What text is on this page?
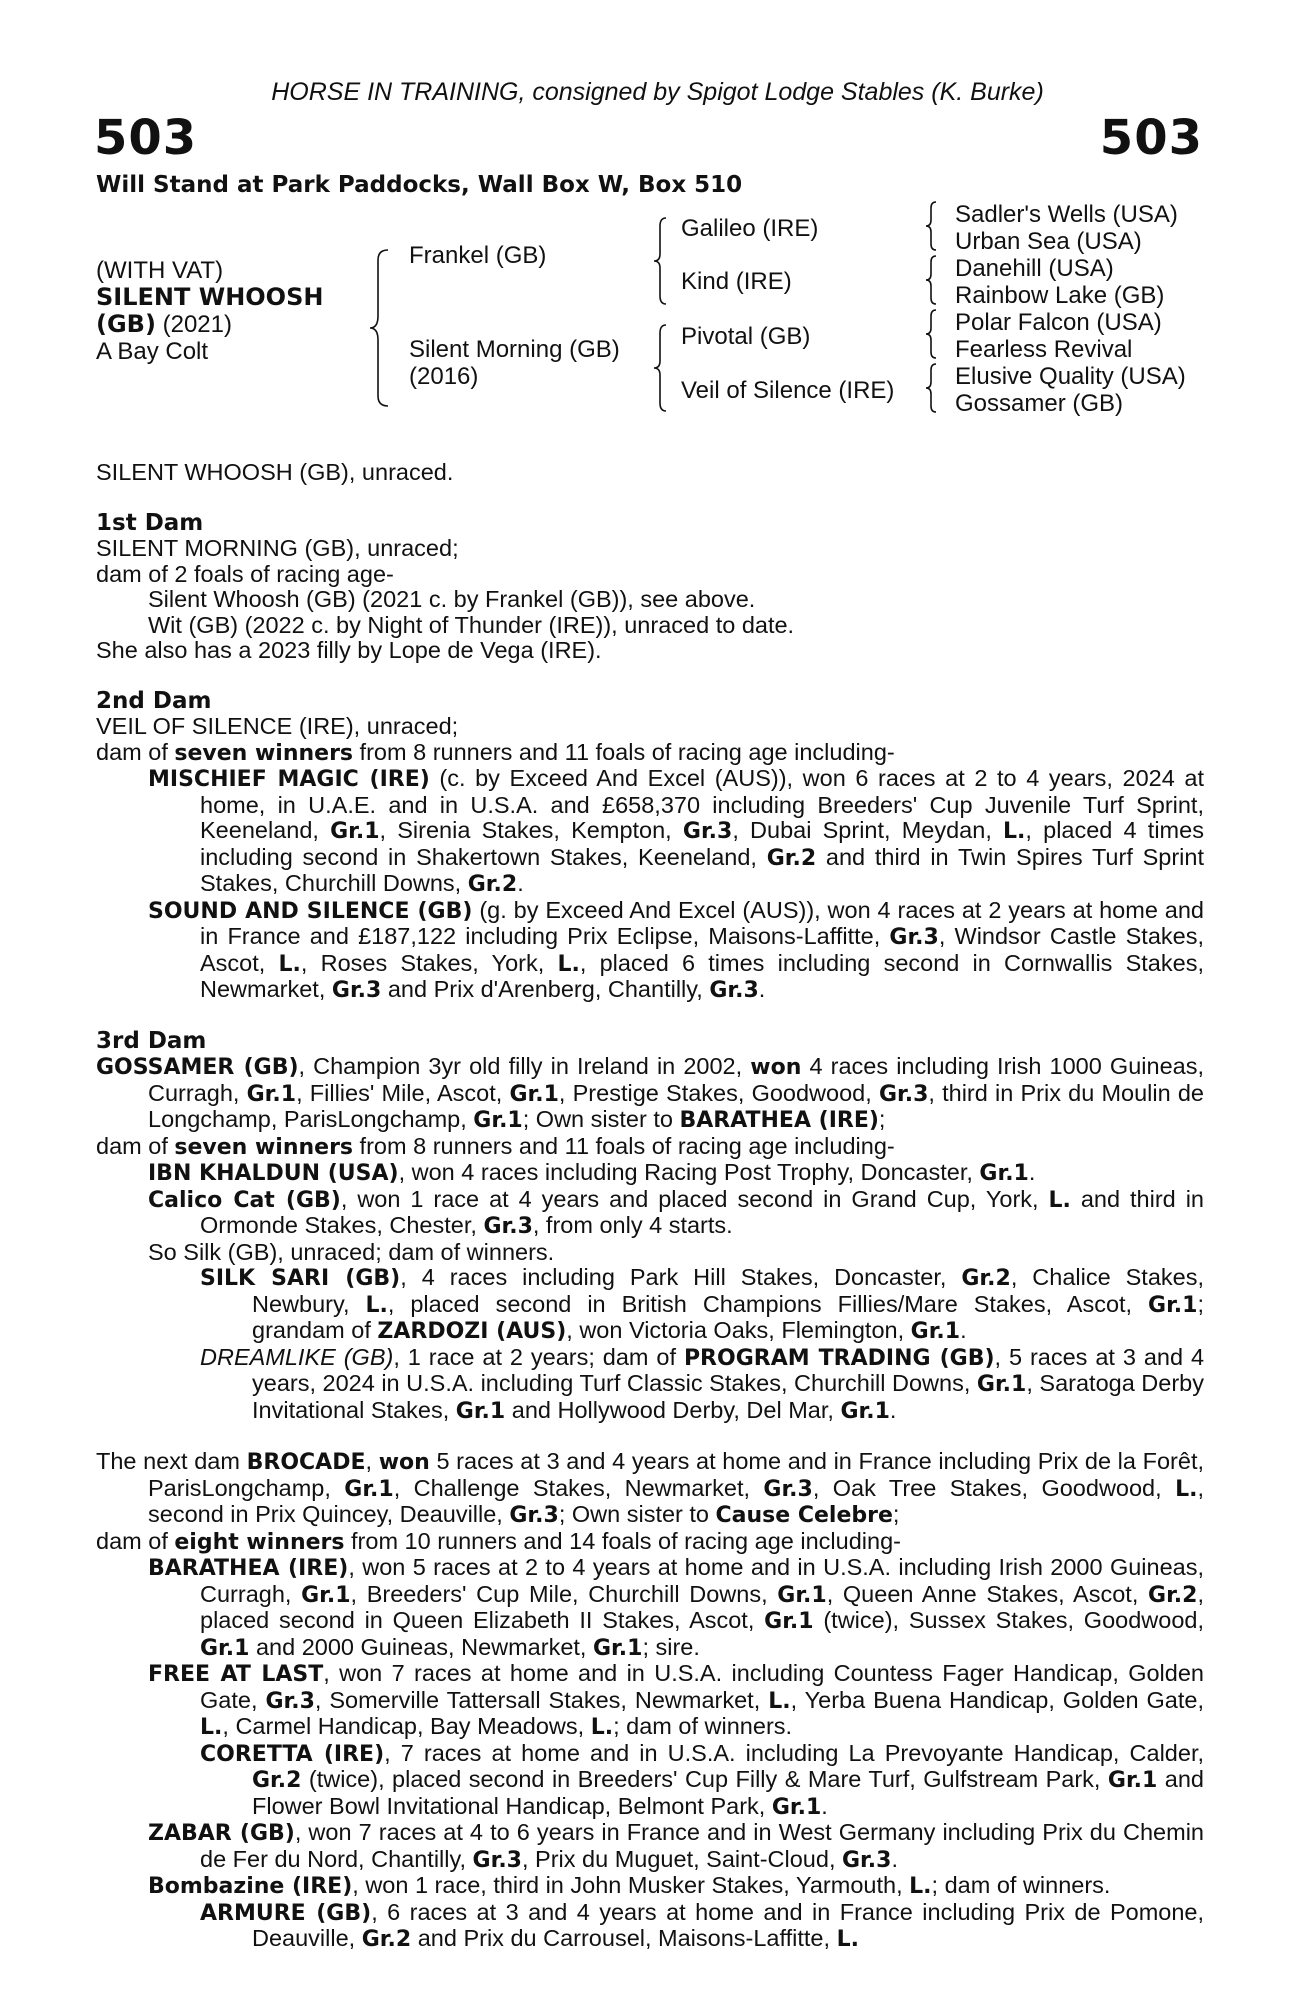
HORSE IN TRAINING, consigned by Spigot Lodge Stables (K. Burke)
503	503
Will Stand at Park Paddocks, Wall Box W, Box 510
(WITH VAT)
SILENT WHOOSH
(GB) (2021)
A Bay Colt
Frankel (GB)
Silent Morning (GB)
(2016)
Galileo (IRE)
Kind (IRE)
Pivotal (GB)
Veil of Silence (IRE)
Sadler's Wells (USA)
Urban Sea (USA)
Danehill (USA)
Rainbow Lake (GB)
Polar Falcon (USA)
Fearless Revival
Elusive Quality (USA)
Gossamer (GB)

SILENT WHOOSH (GB), unraced.

1st Dam

SILENT MORNING (GB), unraced;

dam of 2 foals of racing age-

Silent Whoosh (GB) (2021 c. by Frankel (GB)), see above.

Wit (GB) (2022 c. by Night of Thunder (IRE)), unraced to date.

She also has a 2023 filly by Lope de Vega (IRE).

2nd Dam

VEIL OF SILENCE (IRE), unraced;

dam of seven winners from 8 runners and 11 foals of racing age including-

MISCHIEF MAGIC (IRE) (c. by Exceed And Excel (AUS)), won 6 races at 2 to 4 years, 2024 at home, in U.A.E. and in U.S.A. and £658,370 including Breeders' Cup Juvenile Turf Sprint, Keeneland, Gr.1, Sirenia Stakes, Kempton, Gr.3, Dubai Sprint, Meydan, L., placed 4 times including second in Shakertown Stakes, Keeneland, Gr.2 and third in Twin Spires Turf Sprint Stakes, Churchill Downs, Gr.2.

SOUND AND SILENCE (GB) (g. by Exceed And Excel (AUS)), won 4 races at 2 years at home and in France and £187,122 including Prix Eclipse, Maisons-Laffitte, Gr.3, Windsor Castle Stakes, Ascot, L., Roses Stakes, York, L., placed 6 times including second in Cornwallis Stakes, Newmarket, Gr.3 and Prix d'Arenberg, Chantilly, Gr.3.

3rd Dam

GOSSAMER (GB), Champion 3yr old filly in Ireland in 2002, won 4 races including Irish 1000 Guineas, Curragh, Gr.1, Fillies' Mile, Ascot, Gr.1, Prestige Stakes, Goodwood, Gr.3, third in Prix du Moulin de Longchamp, ParisLongchamp, Gr.1; Own sister to BARATHEA (IRE);

dam of seven winners from 8 runners and 11 foals of racing age including-

IBN KHALDUN (USA), won 4 races including Racing Post Trophy, Doncaster, Gr.1.

Calico Cat (GB), won 1 race at 4 years and placed second in Grand Cup, York, L. and third in Ormonde Stakes, Chester, Gr.3, from only 4 starts.

So Silk (GB), unraced; dam of winners.

SILK SARI (GB), 4 races including Park Hill Stakes, Doncaster, Gr.2, Chalice Stakes, Newbury, L., placed second in British Champions Fillies/Mare Stakes, Ascot, Gr.1; grandam of ZARDOZI (AUS), won Victoria Oaks, Flemington, Gr.1.

DREAMLIKE (GB), 1 race at 2 years; dam of PROGRAM TRADING (GB), 5 races at 3 and 4 years, 2024 in U.S.A. including Turf Classic Stakes, Churchill Downs, Gr.1, Saratoga Derby Invitational Stakes, Gr.1 and Hollywood Derby, Del Mar, Gr.1.

The next dam BROCADE, won 5 races at 3 and 4 years at home and in France including Prix de la Forêt, ParisLongchamp, Gr.1, Challenge Stakes, Newmarket, Gr.3, Oak Tree Stakes, Goodwood, L., second in Prix Quincey, Deauville, Gr.3; Own sister to Cause Celebre;

dam of eight winners from 10 runners and 14 foals of racing age including-

BARATHEA (IRE), won 5 races at 2 to 4 years at home and in U.S.A. including Irish 2000 Guineas, Curragh, Gr.1, Breeders' Cup Mile, Churchill Downs, Gr.1, Queen Anne Stakes, Ascot, Gr.2, placed second in Queen Elizabeth II Stakes, Ascot, Gr.1 (twice), Sussex Stakes, Goodwood, Gr.1 and 2000 Guineas, Newmarket, Gr.1; sire.

FREE AT LAST, won 7 races at home and in U.S.A. including Countess Fager Handicap, Golden Gate, Gr.3, Somerville Tattersall Stakes, Newmarket, L., Yerba Buena Handicap, Golden Gate, L., Carmel Handicap, Bay Meadows, L.; dam of winners.

CORETTA (IRE), 7 races at home and in U.S.A. including La Prevoyante Handicap, Calder, Gr.2 (twice), placed second in Breeders' Cup Filly & Mare Turf, Gulfstream Park, Gr.1 and Flower Bowl Invitational Handicap, Belmont Park, Gr.1.

ZABAR (GB), won 7 races at 4 to 6 years in France and in West Germany including Prix du Chemin de Fer du Nord, Chantilly, Gr.3, Prix du Muguet, Saint-Cloud, Gr.3.

Bombazine (IRE), won 1 race, third in John Musker Stakes, Yarmouth, L.; dam of winners.

ARMURE (GB), 6 races at 3 and 4 years at home and in France including Prix de Pomone, Deauville, Gr.2 and Prix du Carrousel, Maisons-Laffitte, L.
